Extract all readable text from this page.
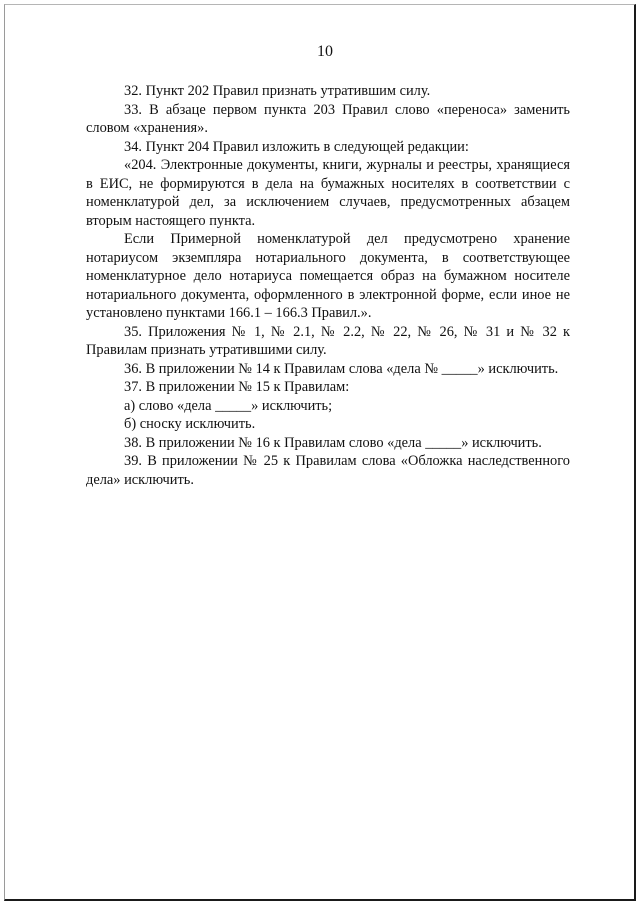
10

32. Пункт 202 Правил признать утратившим силу.

33. В абзаце первом пункта 203 Правил слово «переноса» заменить словом «хранения».

34. Пункт 204 Правил изложить в следующей редакции:

«204. Электронные документы, книги, журналы и реестры, хранящиеся в ЕИС, не формируются в дела на бумажных носителях в соответствии с номенклатурой дел, за исключением случаев, предусмотренных абзацем вторым настоящего пункта.

Если Примерной номенклатурой дел предусмотрено хранение нотариусом экземпляра нотариального документа, в соответствующее номенклатурное дело нотариуса помещается образ на бумажном носителе нотариального документа, оформленного в электронной форме, если иное не установлено пунктами 166.1 – 166.3 Правил.».

35. Приложения № 1, № 2.1, № 2.2, № 22, № 26, № 31 и № 32 к Правилам признать утратившими силу.

36. В приложении № 14 к Правилам слова «дела № _____» исключить.

37. В приложении № 15 к Правилам:

а) слово «дела _____» исключить;

б) сноску исключить.

38. В приложении № 16 к Правилам слово «дела _____» исключить.

39. В приложении № 25 к Правилам слова «Обложка наследственного дела» исключить.
